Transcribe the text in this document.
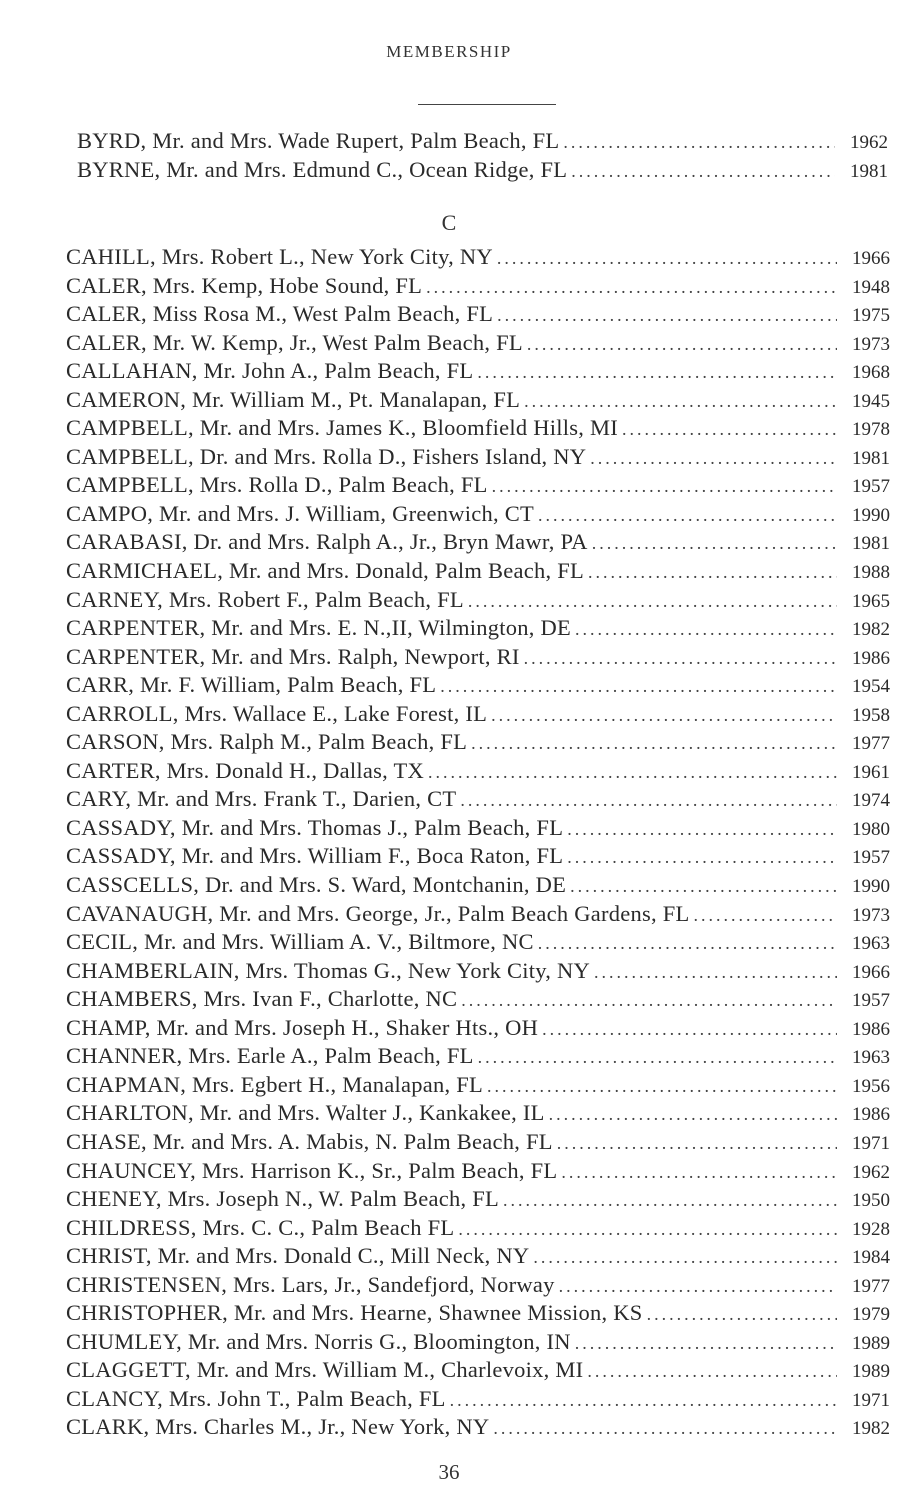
MEMBERSHIP
BYRD, Mr. and Mrs. Wade Rupert, Palm Beach, FL .....	1962
BYRNE, Mr. and Mrs. Edmund C., Ocean Ridge, FL .....	1981
C
CAHILL, Mrs. Robert L., New York City, NY .....	1966
CALER, Mrs. Kemp, Hobe Sound, FL .....	1948
CALER, Miss Rosa M., West Palm Beach, FL .....	1975
CALER, Mr. W. Kemp, Jr., West Palm Beach, FL .....	1973
CALLAHAN, Mr. John A., Palm Beach, FL .....	1968
CAMERON, Mr. William M., Pt. Manalapan, FL .....	1945
CAMPBELL, Mr. and Mrs. James K., Bloomfield Hills, MI .....	1978
CAMPBELL, Dr. and Mrs. Rolla D., Fishers Island, NY .....	1981
CAMPBELL, Mrs. Rolla D., Palm Beach, FL .....	1957
CAMPO, Mr. and Mrs. J. William, Greenwich, CT .....	1990
CARABASI, Dr. and Mrs. Ralph A., Jr., Bryn Mawr, PA .....	1981
CARMICHAEL, Mr. and Mrs. Donald, Palm Beach, FL .....	1988
CARNEY, Mrs. Robert F., Palm Beach, FL .....	1965
CARPENTER, Mr. and Mrs. E. N.,II, Wilmington, DE .....	1982
CARPENTER, Mr. and Mrs. Ralph, Newport, RI .....	1986
CARR, Mr. F. William, Palm Beach, FL .....	1954
CARROLL, Mrs. Wallace E., Lake Forest, IL .....	1958
CARSON, Mrs. Ralph M., Palm Beach, FL .....	1977
CARTER, Mrs. Donald H., Dallas, TX .....	1961
CARY, Mr. and Mrs. Frank T., Darien, CT .....	1974
CASSADY, Mr. and Mrs. Thomas J., Palm Beach, FL .....	1980
CASSADY, Mr. and Mrs. William F., Boca Raton, FL .....	1957
CASSCELLS, Dr. and Mrs. S. Ward, Montchanin, DE .....	1990
CAVANAUGH, Mr. and Mrs. George, Jr., Palm Beach Gardens, FL .....	1973
CECIL, Mr. and Mrs. William A. V., Biltmore, NC .....	1963
CHAMBERLAIN, Mrs. Thomas G., New York City, NY .....	1966
CHAMBERS, Mrs. Ivan F., Charlotte, NC .....	1957
CHAMP, Mr. and Mrs. Joseph H., Shaker Hts., OH .....	1986
CHANNER, Mrs. Earle A., Palm Beach, FL .....	1963
CHAPMAN, Mrs. Egbert H., Manalapan, FL .....	1956
CHARLTON, Mr. and Mrs. Walter J., Kankakee, IL .....	1986
CHASE, Mr. and Mrs. A. Mabis, N. Palm Beach, FL .....	1971
CHAUNCEY, Mrs. Harrison K., Sr., Palm Beach, FL .....	1962
CHENEY, Mrs. Joseph N., W. Palm Beach, FL .....	1950
CHILDRESS, Mrs. C. C., Palm Beach FL .....	1928
CHRIST, Mr. and Mrs. Donald C., Mill Neck, NY .....	1984
CHRISTENSEN, Mrs. Lars, Jr., Sandefjord, Norway .....	1977
CHRISTOPHER, Mr. and Mrs. Hearne, Shawnee Mission, KS .....	1979
CHUMLEY, Mr. and Mrs. Norris G., Bloomington, IN .....	1989
CLAGGETT, Mr. and Mrs. William M., Charlevoix, MI .....	1989
CLANCY, Mrs. John T., Palm Beach, FL .....	1971
CLARK, Mrs. Charles M., Jr., New York, NY .....	1982
36
